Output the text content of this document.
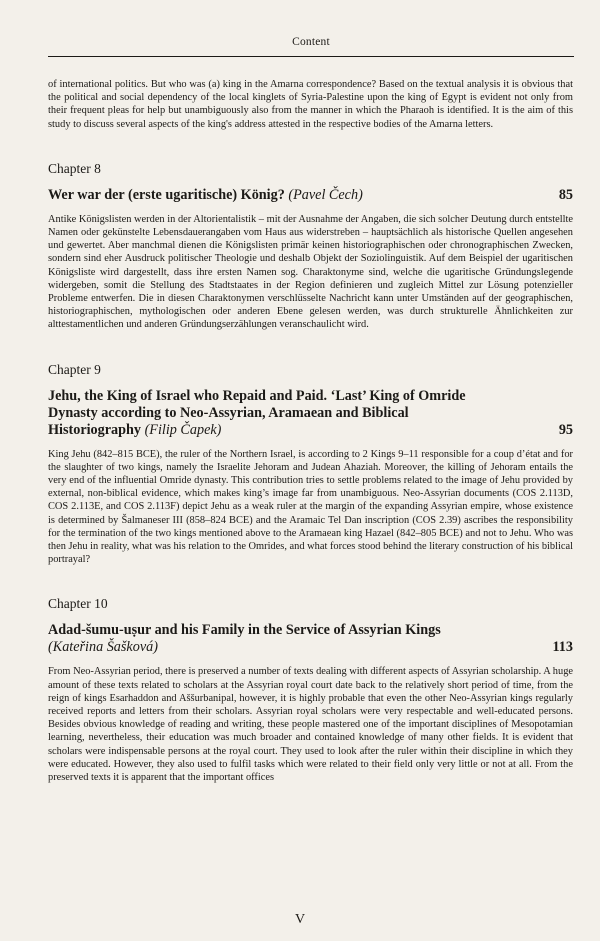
Content

of international politics. But who was (a) king in the Amarna correspondence? Based on the textual analysis it is obvious that the political and social dependency of the local kinglets of Syria-Palestine upon the king of Egypt is evident not only from their frequent pleas for help but unambiguously also from the manner in which the Pharaoh is identified. It is the aim of this study to discuss several aspects of the king's address attested in the respective bodies of the Amarna letters.

Chapter 8
Wer war der (erste ugaritische) König? (Pavel Čech)	85

Antike Königslisten werden in der Altorientalistik – mit der Ausnahme der Angaben, die sich solcher Deutung durch entstellte Namen oder gekünstelte Lebensdauerangaben vom Haus aus widerstreben – hauptsächlich als historische Quellen angesehen und gewertet. Aber manchmal dienen die Königslisten primär keinen historiographischen oder chronographischen Zwecken, sondern sind eher Ausdruck politischer Theologie und deshalb Objekt der Soziolinguistik. Auf dem Beispiel der ugaritischen Königsliste wird dargestellt, dass ihre ersten Namen sog. Charaktonyme sind, welche die ugaritische Gründungslegende widergeben, somit die Stellung des Stadtstaates in der Region definieren und zugleich Mittel zur Lösung potenzieller Probleme entwerfen. Die in diesen Charaktonymen verschlüsselte Nachricht kann unter Umständen auf der geographischen, historiographischen, mythologischen oder anderen Ebene gelesen werden, was durch strukturelle Ähnlichkeiten zur alttestamentlichen und anderen Gründungserzählungen veranschaulicht wird.

Chapter 9
Jehu, the King of Israel who Repaid and Paid. ‘Last’ King of Omride Dynasty according to Neo-Assyrian, Aramaean and Biblical Historiography (Filip Čapek)	95

King Jehu (842–815 BCE), the ruler of the Northern Israel, is according to 2 Kings 9–11 responsible for a coup d’état and for the slaughter of two kings, namely the Israelite Jehoram and Judean Ahaziah. Moreover, the killing of Jehoram entails the very end of the influential Omride dynasty. This contribution tries to settle problems related to the image of Jehu provided by external, non-biblical evidence, which makes king’s image far from unambiguous. Neo-Assyrian documents (COS 2.113D, COS 2.113E, and COS 2.113F) depict Jehu as a weak ruler at the margin of the expanding Assyrian empire, whose existence is determined by Šalmaneser III (858–824 BCE) and the Aramaic Tel Dan inscription (COS 2.39) ascribes the responsibility for the termination of the two kings mentioned above to the Aramaean king Hazael (842–805 BCE) and not to Jehu. Who was then Jehu in reality, what was his relation to the Omrides, and what forces stood behind the literary construction of his biblical portrayal?

Chapter 10
Adad-šumu-uṣur and his Family in the Service of Assyrian Kings (Kateřina Šašková)	113

From Neo-Assyrian period, there is preserved a number of texts dealing with different aspects of Assyrian scholarship. A huge amount of these texts related to scholars at the Assyrian royal court date back to the relatively short period of time, from the reign of kings Esarhaddon and Aššurbanipal, however, it is highly probable that even the other Neo-Assyrian kings regularly received reports and letters from their scholars. Assyrian royal scholars were very respectable and well-educated persons. Besides obvious knowledge of reading and writing, these people mastered one of the important disciplines of Mesopotamian learning, nevertheless, their education was much broader and contained knowledge of many other fields. It is evident that scholars were indispensable persons at the royal court. They used to look after the ruler within their discipline in which they were educated. However, they also used to fulfil tasks which were related to their field only very little or not at all. From the preserved texts it is apparent that the important offices

V
